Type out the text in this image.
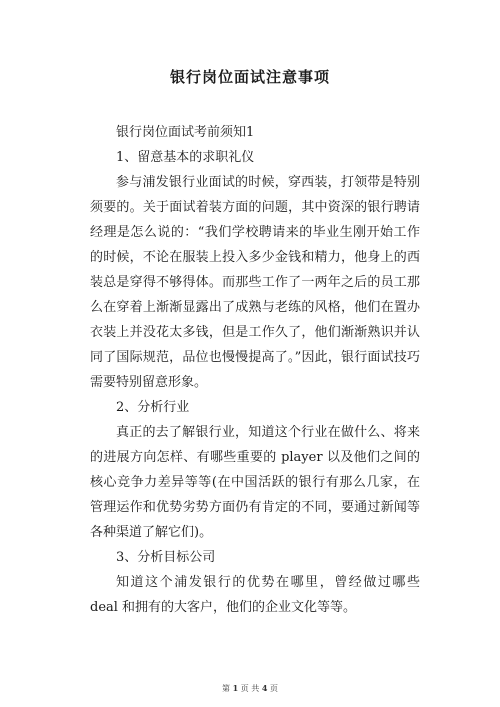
银行岗位面试注意事项

银行岗位面试考前须知1

1、留意基本的求职礼仪

参与浦发银行业面试的时候，穿西装，打领带是特别须要的。关于面试着装方面的问题，其中资深的银行聘请经理是怎么说的：“我们学校聘请来的毕业生刚开始工作的时候，不论在服装上投入多少金钱和精力，他身上的西装总是穿得不够得体。而那些工作了一两年之后的员工那么在穿着上渐渐显露出了成熟与老练的风格，他们在置办衣装上并没花太多钱，但是工作久了，他们渐渐熟识并认同了国际规范，品位也慢慢提高了。”因此，银行面试技巧需要特别留意形象。

2、分析行业

真正的去了解银行业，知道这个行业在做什么、将来的进展方向怎样、有哪些重要的 player 以及他们之间的核心竞争力差异等等(在中国活跃的银行有那么几家，在管理运作和优势劣势方面仍有肯定的不同，要通过新闻等各种渠道了解它们)。

3、分析目标公司

知道这个浦发银行的优势在哪里，曾经做过哪些 deal 和拥有的大客户，他们的企业文化等等。

第 1 页 共 4 页
